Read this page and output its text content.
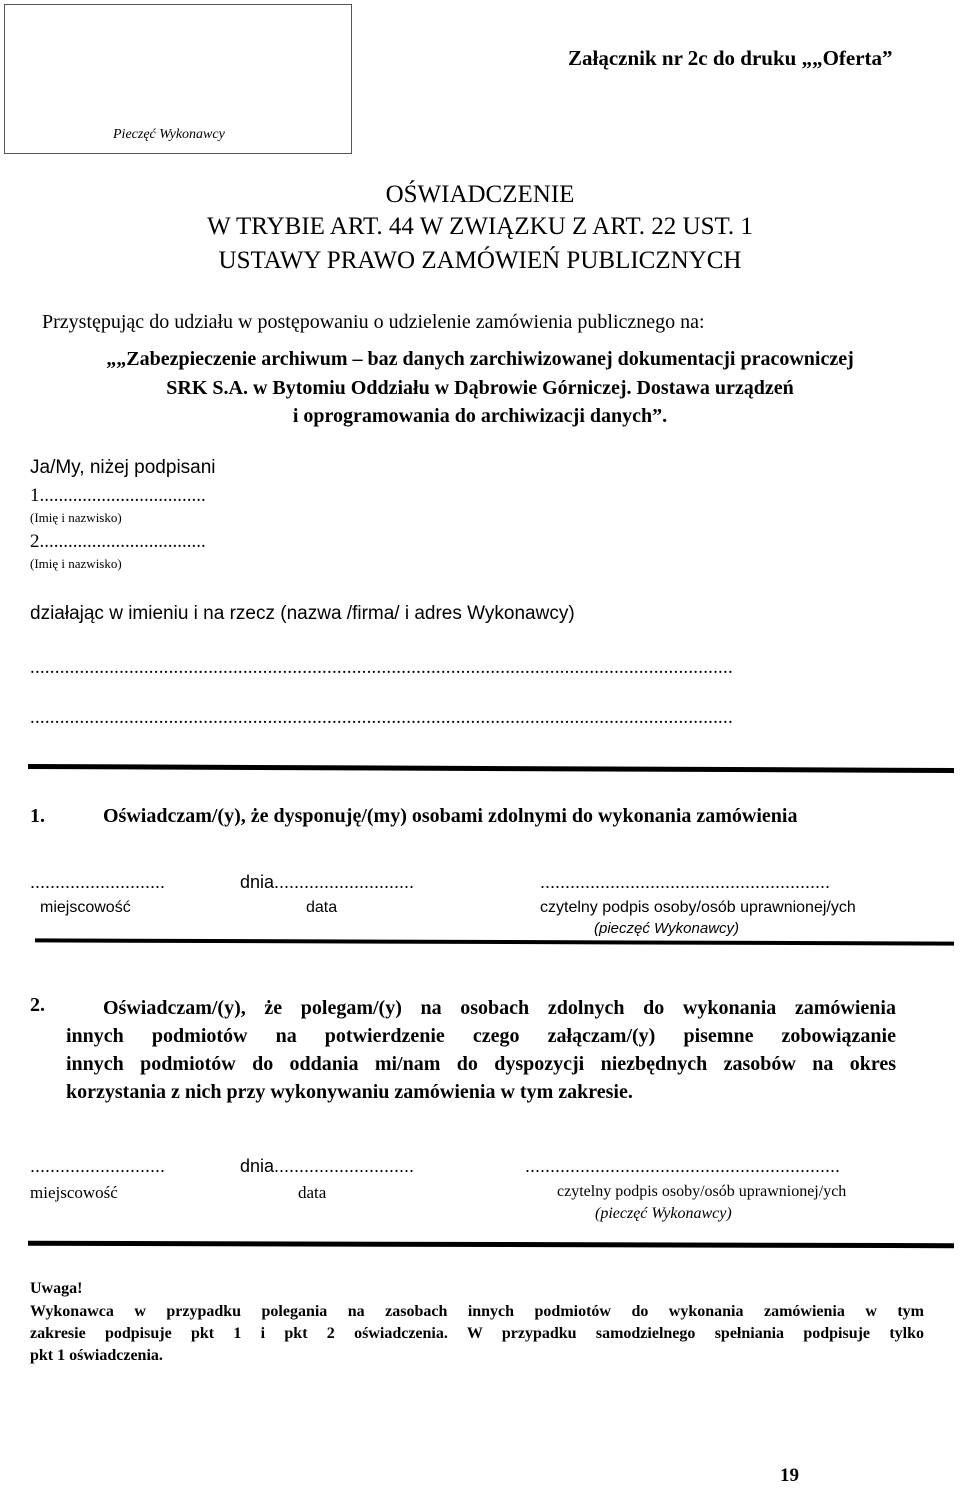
Pieczęć Wykonawcy
Załącznik nr 2c do druku „„Oferta”
OŚWIADCZENIE
W TRYBIE ART. 44 W ZWIĄZKU Z ART. 22 UST. 1
USTAWY PRAWO ZAMÓWIEŃ PUBLICZNYCH
Przystępując do udziału w postępowaniu o udzielenie zamówienia publicznego na:
„„Zabezpieczenie archiwum – baz danych zarchiwizowanej dokumentacji pracowniczej
SRK S.A. w Bytomiu Oddziału w Dąbrowie Górniczej. Dostawa urządzeń
i oprogramowania do archiwizacji danych”.
Ja/My, niżej podpisani
1...................................
(Imię i nazwisko)
2...................................
(Imię i nazwisko)
działając w imieniu i na rzecz (nazwa /firma/ i adres Wykonawcy)
..............................................................................................................................................
..............................................................................................................................................
1.	Oświadczam/(y), że dysponuję/(my) osobami zdolnymi do wykonania zamówienia
...........................	dnia............................	..........................................................
miejscowość	data	czytelny podpis osoby/osób uprawnionej/ych
(pieczęć Wykonawcy)
2.	Oświadczam/(y), że polegam/(y) na osobach zdolnych do wykonania zamówienia
innych podmiotów na potwierdzenie czego załączam/(y) pisemne zobowiązanie
innych podmiotów do oddania mi/nam do dyspozycji niezbędnych zasobów na okres
korzystania z nich przy wykonywaniu zamówienia w tym zakresie.
...........................	dnia............................	...............................................................
miejscowość	data	czytelny podpis osoby/osób uprawnionej/ych
(pieczęć Wykonawcy)
Uwaga!
Wykonawca w przypadku polegania na zasobach innych podmiotów do wykonania zamówienia w tym
zakresie podpisuje pkt 1 i pkt 2 oświadczenia. W przypadku samodzielnego spełniania podpisuje tylko
pkt 1 oświadczenia.
19
